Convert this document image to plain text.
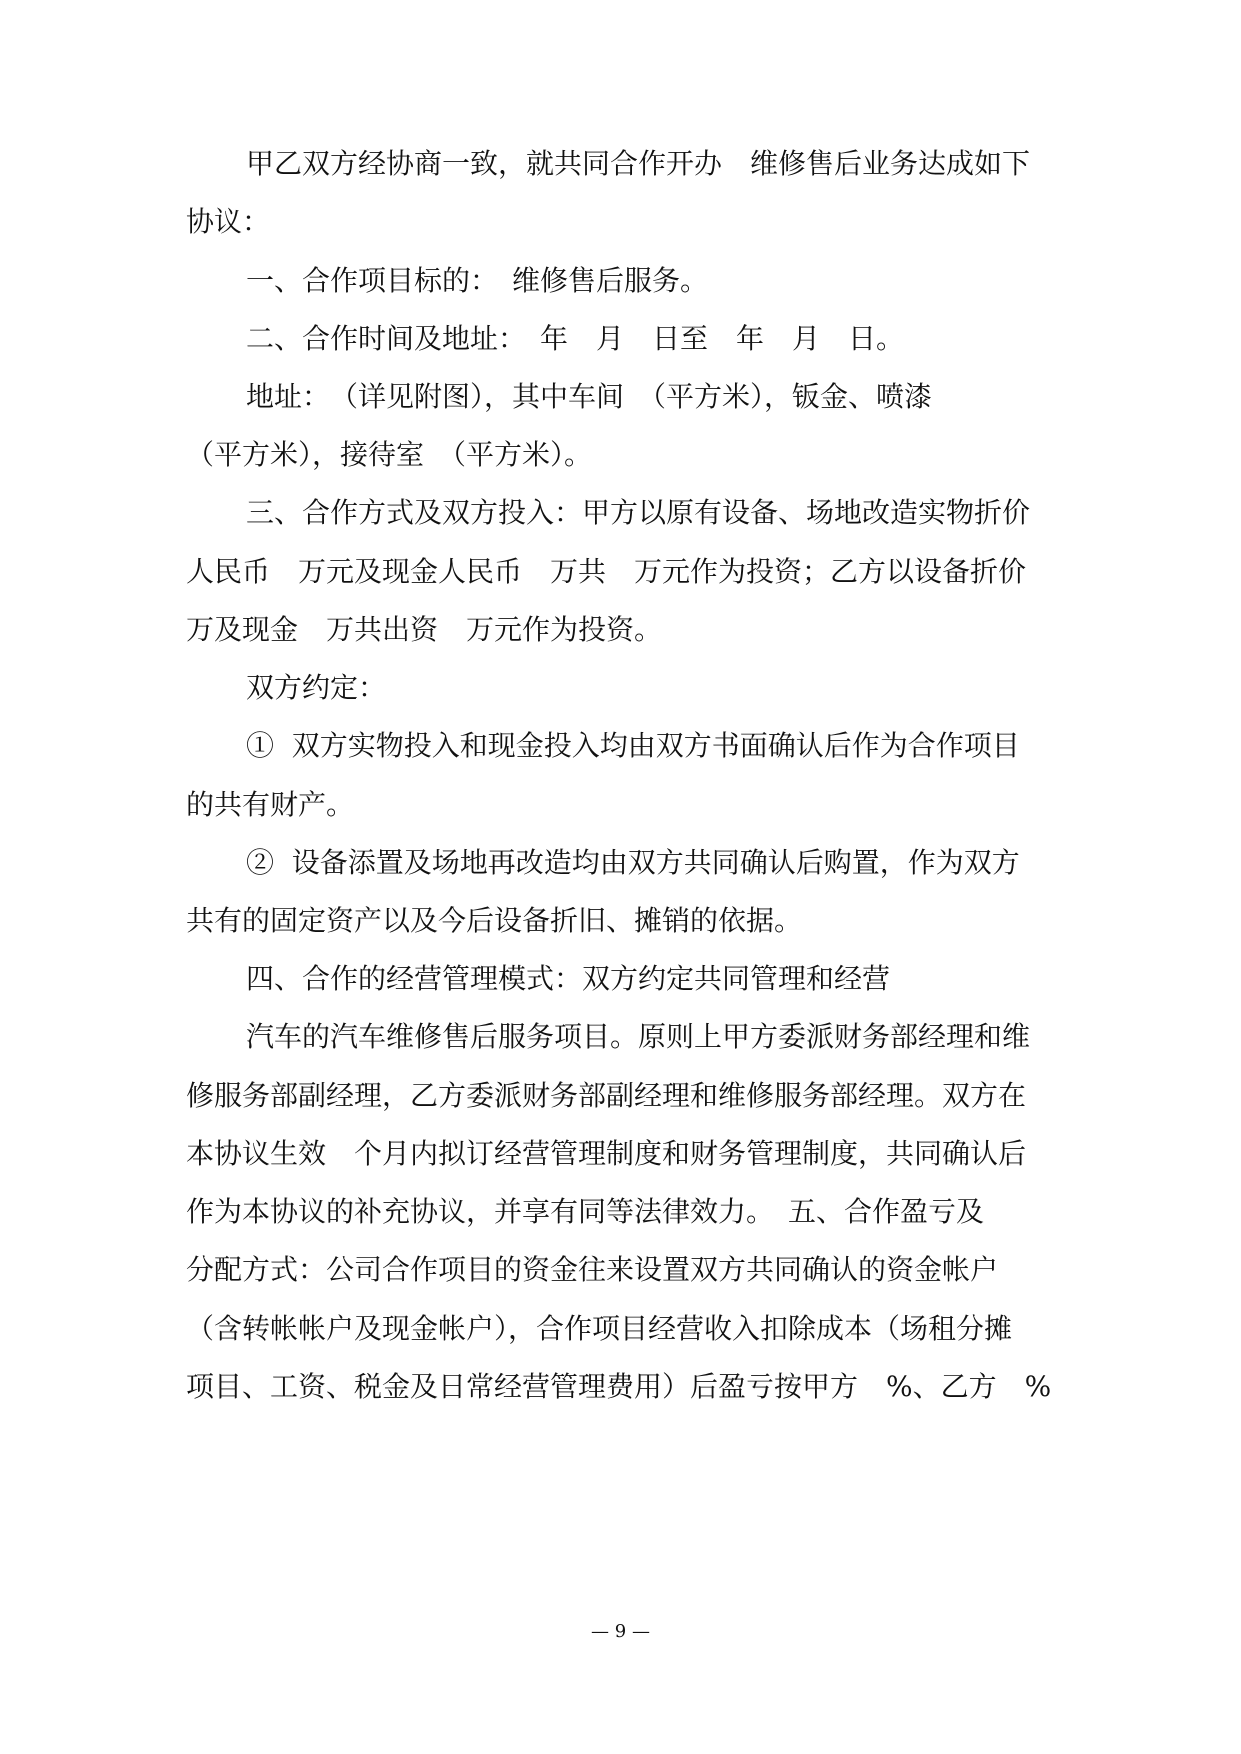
甲乙双方经协商一致，就共同合作开办　维修售后业务达成如下
协议：
一、合作项目标的：　维修售后服务。
二、合作时间及地址：　年　月　日至　年　月　日。
地址：　（详见附图），其中车间　（平方米），钣金、喷漆
（平方米），接待室　（平方米）。
三、合作方式及双方投入：甲方以原有设备、场地改造实物折价
人民币　万元及现金人民币　万共　万元作为投资；乙方以设备折价
万及现金　万共出资　万元作为投资。
双方约定：
①  双方实物投入和现金投入均由双方书面确认后作为合作项目
的共有财产。
②  设备添置及场地再改造均由双方共同确认后购置，作为双方
共有的固定资产以及今后设备折旧、摊销的依据。
四、合作的经营管理模式：双方约定共同管理和经营
汽车的汽车维修售后服务项目。原则上甲方委派财务部经理和维
修服务部副经理，乙方委派财务部副经理和维修服务部经理。双方在
本协议生效　个月内拟订经营管理制度和财务管理制度，共同确认后
作为本协议的补充协议，并享有同等法律效力。　五、合作盈亏及
分配方式：公司合作项目的资金往来设置双方共同确认的资金帐户
（含转帐帐户及现金帐户），合作项目经营收入扣除成本（场租分摊
项目、工资、税金及日常经营管理费用）后盈亏按甲方　%、乙方　%
— 9 —
